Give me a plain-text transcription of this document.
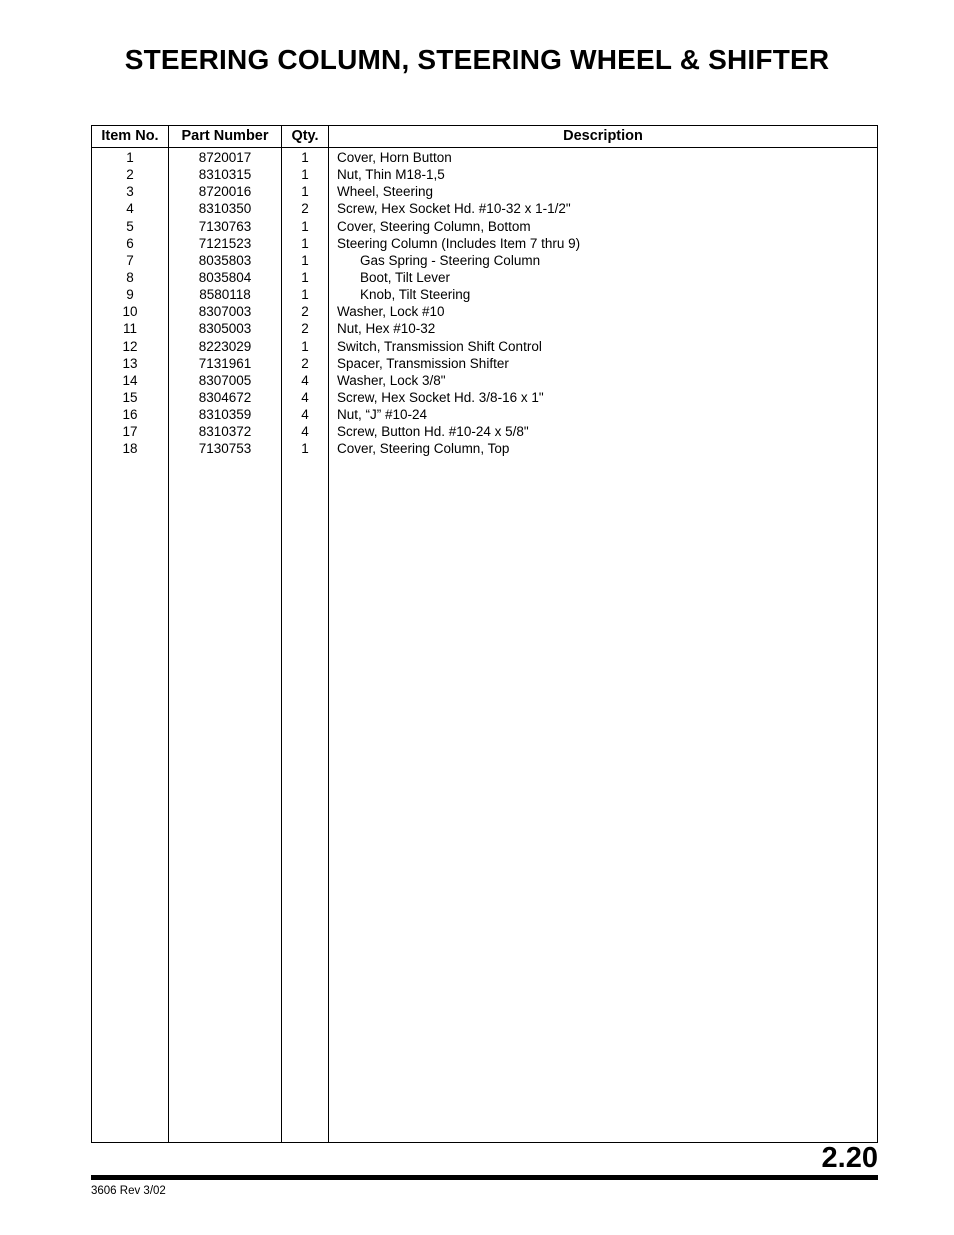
STEERING COLUMN, STEERING WHEEL & SHIFTER
Item No.	Part Number	Qty.	Description
1	8720017	1	Cover, Horn Button
2	8310315	1	Nut, Thin M18-1,5
3	8720016	1	Wheel, Steering
4	8310350	2	Screw, Hex Socket Hd. #10-32 x 1-1/2"
5	7130763	1	Cover, Steering Column, Bottom
6	7121523	1	Steering Column (Includes Item 7 thru 9)
7	8035803	1	Gas Spring - Steering Column
8	8035804	1	Boot, Tilt Lever
9	8580118	1	Knob, Tilt Steering
10	8307003	2	Washer, Lock #10
11	8305003	2	Nut, Hex #10-32
12	8223029	1	Switch, Transmission Shift Control
13	7131961	2	Spacer, Transmission Shifter
14	8307005	4	Washer, Lock 3/8"
15	8304672	4	Screw, Hex Socket Hd. 3/8-16 x 1"
16	8310359	4	Nut, “J” #10-24
17	8310372	4	Screw, Button Hd. #10-24 x 5/8"
18	7130753	1	Cover, Steering Column, Top
2.20
3606 Rev 3/02
